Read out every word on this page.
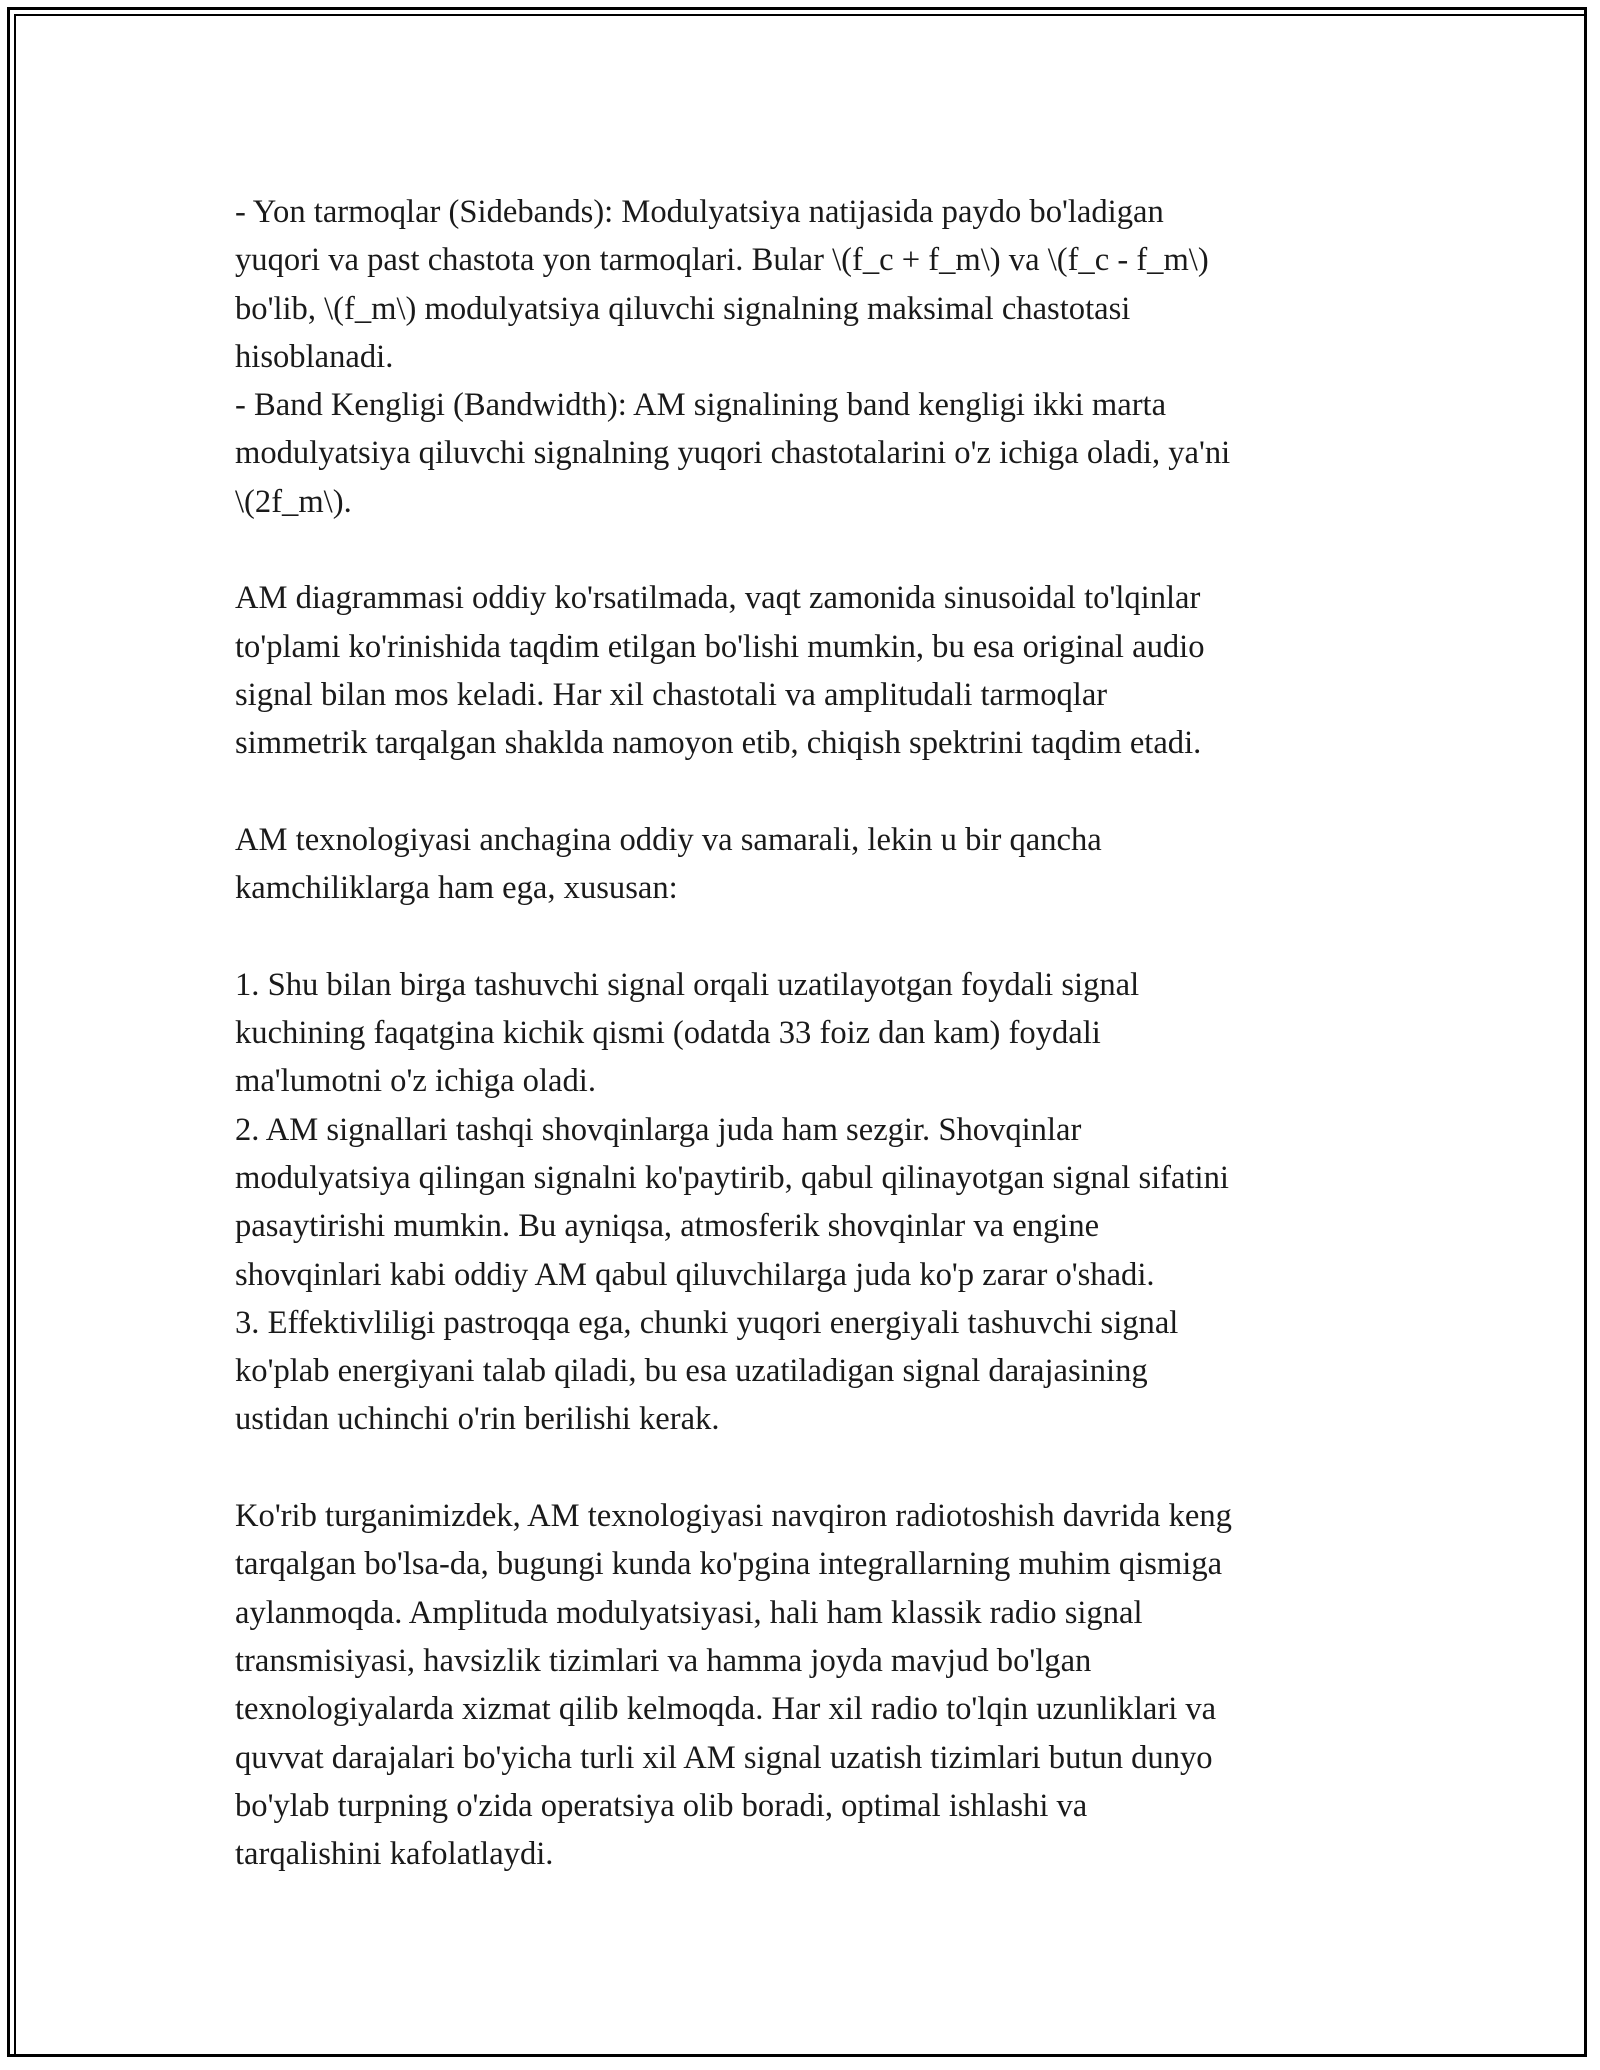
- Yon tarmoqlar (Sidebands): Modulyatsiya natijasida paydo bo'ladigan
yuqori va past chastota yon tarmoqlari. Bular \(f_c + f_m\) va \(f_c - f_m\)
bo'lib, \(f_m\) modulyatsiya qiluvchi signalning maksimal chastotasi
hisoblanadi.
- Band Kengligi (Bandwidth): AM signalining band kengligi ikki marta
modulyatsiya qiluvchi signalning yuqori chastotalarini o'z ichiga oladi, ya'ni
\(2f_m\).
AM diagrammasi oddiy ko'rsatilmada, vaqt zamonida sinusoidal to'lqinlar
to'plami ko'rinishida taqdim etilgan bo'lishi mumkin, bu esa original audio
signal bilan mos keladi. Har xil chastotali va amplitudali tarmoqlar
simmetrik tarqalgan shaklda namoyon etib, chiqish spektrini taqdim etadi.
AM texnologiyasi anchagina oddiy va samarali, lekin u bir qancha
kamchiliklarga ham ega, xususan:
1. Shu bilan birga tashuvchi signal orqali uzatilayotgan foydali signal
kuchining faqatgina kichik qismi (odatda 33 foiz dan kam) foydali
ma'lumotni o'z ichiga oladi.
2. AM signallari tashqi shovqinlarga juda ham sezgir. Shovqinlar
modulyatsiya qilingan signalni ko'paytirib, qabul qilinayotgan signal sifatini
pasaytirishi mumkin. Bu ayniqsa, atmosferik shovqinlar va engine
shovqinlari kabi oddiy AM qabul qiluvchilarga juda ko'p zarar o'shadi.
3. Effektivliligi pastroqqa ega, chunki yuqori energiyali tashuvchi signal
ko'plab energiyani talab qiladi, bu esa uzatiladigan signal darajasining
ustidan uchinchi o'rin berilishi kerak.
Ko'rib turganimizdek, AM texnologiyasi navqiron radiotoshish davrida keng
tarqalgan bo'lsa-da, bugungi kunda ko'pgina integrallarning muhim qismiga
aylanmoqda. Amplituda modulyatsiyasi, hali ham klassik radio signal
transmisiyasi, havsizlik tizimlari va hamma joyda mavjud bo'lgan
texnologiyalarda xizmat qilib kelmoqda. Har xil radio to'lqin uzunliklari va
quvvat darajalari bo'yicha turli xil AM signal uzatish tizimlari butun dunyo
bo'ylab turpning o'zida operatsiya olib boradi, optimal ishlashi va
tarqalishini kafolatlaydi.
